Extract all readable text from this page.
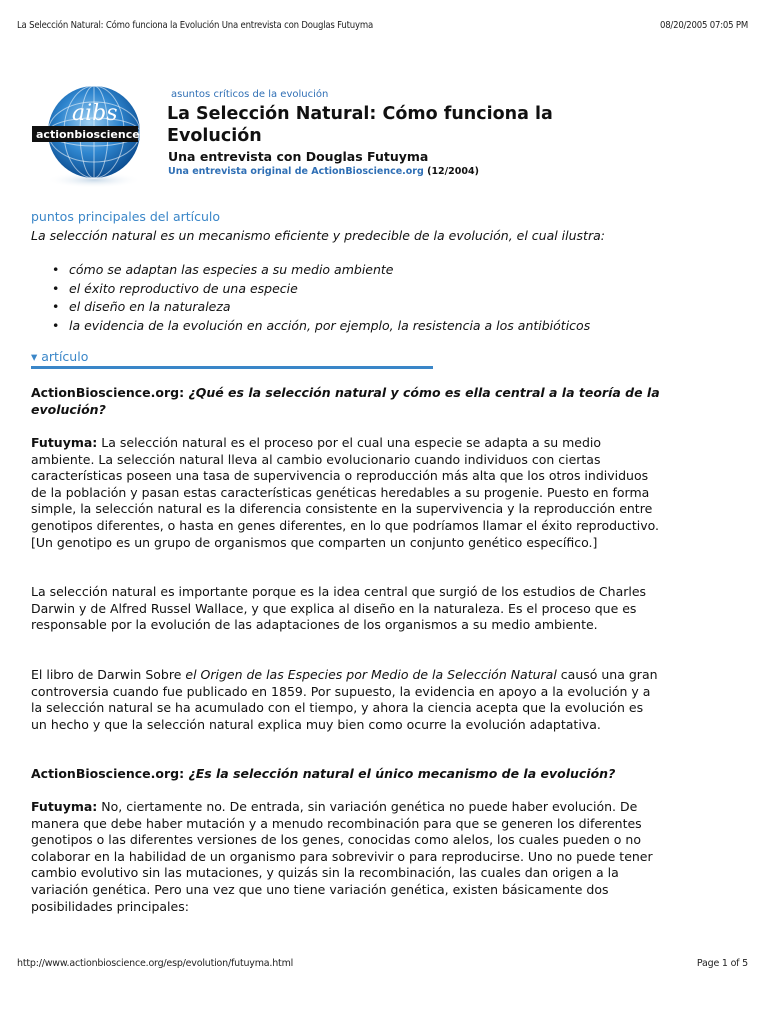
La Selección Natural: Cómo funciona la Evolución Una entrevista con Douglas Futuyma	08/20/2005 07:05 PM
aibs
actionbioscience.org
asuntos críticos de la evolución
La Selección Natural: Cómo funciona la Evolución
Una entrevista con Douglas Futuyma
Una entrevista original de ActionBioscience.org (12/2004)
puntos principales del artículo
La selección natural es un mecanismo eficiente y predecible de la evolución, el cual ilustra:
• cómo se adaptan las especies a su medio ambiente
• el éxito reproductivo de una especie
• el diseño en la naturaleza
• la evidencia de la evolución en acción, por ejemplo, la resistencia a los antibióticos
▾ artículo
ActionBioscience.org: ¿Qué es la selección natural y cómo es ella central a la teoría de la evolución?
Futuyma: La selección natural es el proceso por el cual una especie se adapta a su medio ambiente. La selección natural lleva al cambio evolucionario cuando individuos con ciertas características poseen una tasa de supervivencia o reproducción más alta que los otros individuos de la población y pasan estas características genéticas heredables a su progenie. Puesto en forma simple, la selección natural es la diferencia consistente en la supervivencia y la reproducción entre genotipos diferentes, o hasta en genes diferentes, en lo que podríamos llamar el éxito reproductivo. [Un genotipo es un grupo de organismos que comparten un conjunto genético específico.]
La selección natural es importante porque es la idea central que surgió de los estudios de Charles Darwin y de Alfred Russel Wallace, y que explica al diseño en la naturaleza. Es el proceso que es responsable por la evolución de las adaptaciones de los organismos a su medio ambiente.
El libro de Darwin Sobre el Origen de las Especies por Medio de la Selección Natural causó una gran controversia cuando fue publicado en 1859. Por supuesto, la evidencia en apoyo a la evolución y a la selección natural se ha acumulado con el tiempo, y ahora la ciencia acepta que la evolución es un hecho y que la selección natural explica muy bien como ocurre la evolución adaptativa.
ActionBioscience.org: ¿Es la selección natural el único mecanismo de la evolución?
Futuyma: No, ciertamente no. De entrada, sin variación genética no puede haber evolución. De manera que debe haber mutación y a menudo recombinación para que se generen los diferentes genotipos o las diferentes versiones de los genes, conocidas como alelos, los cuales pueden o no colaborar en la habilidad de un organismo para sobrevivir o para reproducirse. Uno no puede tener cambio evolutivo sin las mutaciones, y quizás sin la recombinación, las cuales dan origen a la variación genética. Pero una vez que uno tiene variación genética, existen básicamente dos posibilidades principales:
http://www.actionbioscience.org/esp/evolution/futuyma.html	Page 1 of 5
